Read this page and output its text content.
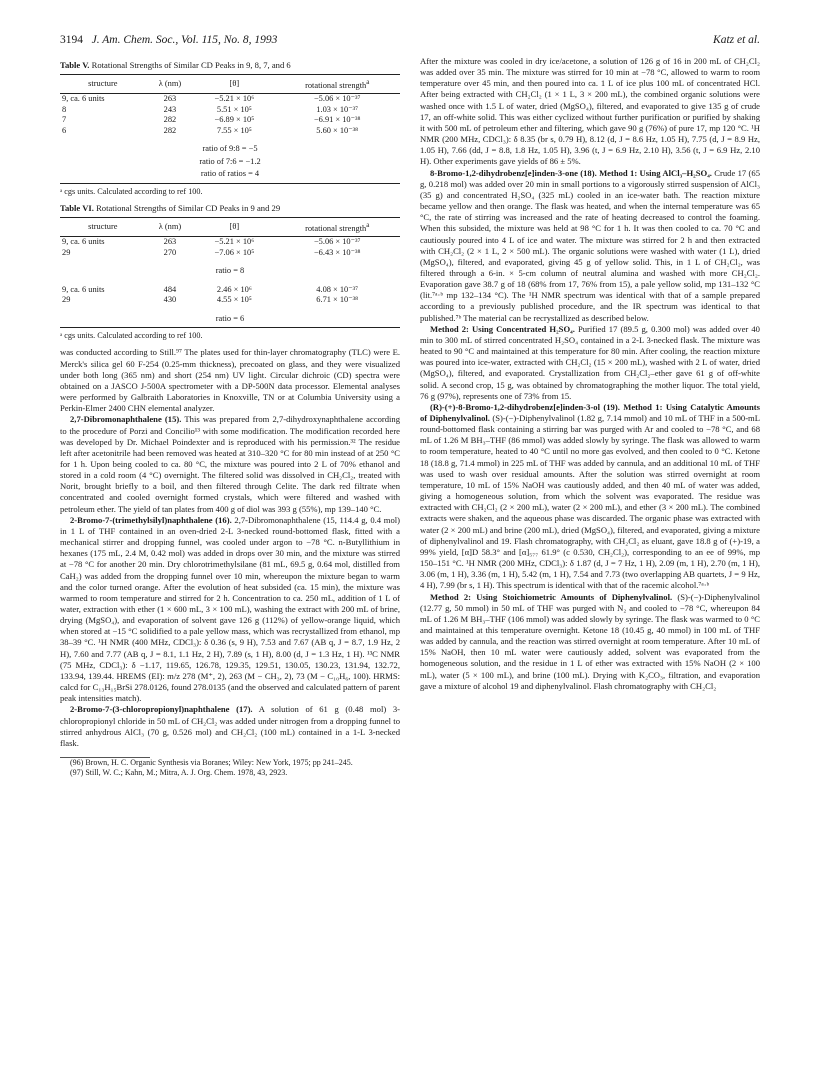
3194 J. Am. Chem. Soc., Vol. 115, No. 8, 1993	Katz et al.
Table V. Rotational Strengths of Similar CD Peaks in 9, 8, 7, and 6
structure	λ (nm)	[θ]	rotational strength$^a$
9, ca. 6 units	263	−5.21 × 10⁶	−5.06 × 10⁻³⁷
8	243	5.51 × 10⁵	1.03 × 10⁻³⁷
7	282	−6.89 × 10⁵	−6.91 × 10⁻³⁸
6	282	7.55 × 10⁵	5.60 × 10⁻³⁸

ratio of 9:8 = −5			
ratio of 7:6 = −1.2			
ratio of ratios = 4			
ᵃ cgs units. Calculated according to ref 100.
Table VI. Rotational Strengths of Similar CD Peaks in 9 and 29
structure	λ (nm)	[θ]	rotational strength$^a$
9, ca. 6 units	263	−5.21 × 10⁶	−5.06 × 10⁻³⁷
29	270	−7.06 × 10⁵	−6.43 × 10⁻³⁸

ratio = 8			

9, ca. 6 units	484	2.46 × 10⁶	4.08 × 10⁻³⁷
29	430	4.55 × 10⁵	6.71 × 10⁻³⁸

ratio = 6			
ᵃ cgs units. Calculated according to ref 100.

was conducted according to Still.⁹⁷ The plates used for thin-layer chromatography (TLC) were E. Merck's silica gel 60 F-254 (0.25-mm thickness), precoated on glass, and they were visualized under both long (365 nm) and short (254 nm) UV light. Circular dichroic (CD) spectra were obtained on a JASCO J-500A spectrometer with a DP-500N data processor. Elemental analyses were performed by Galbraith Laboratories in Knoxville, TN or at Columbia University using a Perkin-Elmer 2400 CHN elemental analyzer.

2,7-Dibromonaphthalene (15). This was prepared from 2,7-dihydroxynaphthalene according to the procedure of Porzi and Concilio¹³ with some modification. The modification recorded here was developed by Dr. Michael Poindexter and is reproduced with his permission.³² The residue left after acetonitrile had been removed was heated at 310–320 °C for 80 min instead of at 250 °C for 1 h. Upon being cooled to ca. 80 °C, the mixture was poured into 2 L of 70% ethanol and stored in a cold room (4 °C) overnight. The filtered solid was dissolved in CH₂Cl₂, treated with Norit, brought briefly to a boil, and then filtered through Celite. The dark red filtrate when concentrated and cooled overnight formed crystals, which were filtered and washed with petroleum ether. The yield of tan plates from 400 g of diol was 393 g (55%), mp 139–140 °C.

2-Bromo-7-(trimethylsilyl)naphthalene (16). 2,7-Dibromonaphthalene (15, 114.4 g, 0.4 mol) in 1 L of THF contained in an oven-dried 2-L 3-necked round-bottomed flask, fitted with a mechanical stirrer and dropping funnel, was cooled under argon to −78 °C. n-Butyllithium in hexanes (175 mL, 2.4 M, 0.42 mol) was added in drops over 30 min, and the mixture was stirred at −78 °C for another 20 min. Dry chlorotrimethylsilane (81 mL, 69.5 g, 0.64 mol, distilled from CaH₂) was added from the dropping funnel over 10 min, whereupon the mixture began to warm and the color turned orange. After the evolution of heat subsided (ca. 15 min), the mixture was warmed to room temperature and stirred for 2 h. Concentration to ca. 250 mL, addition of 1 L of water, extraction with ether (1 × 600 mL, 3 × 100 mL), washing the extract with 200 mL of brine, drying (MgSO₄), and evaporation of solvent gave 126 g (112%) of yellow-orange liquid, which when stored at −15 °C solidified to a pale yellow mass, which was recrystallized from ethanol, mp 38–39 °C. ¹H NMR (400 MHz, CDCl₃): δ 0.36 (s, 9 H), 7.53 and 7.67 (AB q, J = 8.7, 1.9 Hz, 2 H), 7.60 and 7.77 (AB q, J = 8.1, 1.1 Hz, 2 H), 7.89 (s, 1 H), 8.00 (d, J = 1.3 Hz, 1 H). ¹³C NMR (75 MHz, CDCl₃): δ −1.17, 119.65, 126.78, 129.35, 129.51, 130.05, 130.23, 131.94, 132.72, 133.94, 139.44. HREMS (EI): m/z 278 (M⁺, 2), 263 (M − CH₃, 2), 73 (M − C₁₀H₆, 100). HRMS: calcd for C₁₃H₁₅BrSi 278.0126, found 278.0135 (and the observed and calculated pattern of parent peak intensities match).

2-Bromo-7-(3-chloropropionyl)naphthalene (17). A solution of 61 g (0.48 mol) 3-chloropropionyl chloride in 50 mL of CH₂Cl₂ was added under nitrogen from a dropping funnel to stirred anhydrous AlCl₃ (70 g, 0.526 mol) and CH₂Cl₂ (100 mL) contained in a 1-L 3-necked flask.

(96) Brown, H. C. Organic Synthesis via Boranes; Wiley: New York, 1975; pp 241–245.

(97) Still, W. C.; Kahn, M.; Mitra, A. J. Org. Chem. 1978, 43, 2923.

After the mixture was cooled in dry ice/acetone, a solution of 126 g of 16 in 200 mL of CH₂Cl₂ was added over 35 min. The mixture was stirred for 10 min at −78 °C, allowed to warm to room temperature over 45 min, and then poured into ca. 1 L of ice plus 100 mL of concentrated HCl. After being extracted with CH₂Cl₂ (1 × 1 L, 3 × 200 mL), the combined organic solutions were washed once with 1.5 L of water, dried (MgSO₄), filtered, and evaporated to give 135 g of crude 17, an off-white solid. This was either cyclized without further purification or purified by shaking it with 500 mL of petroleum ether and filtering, which gave 90 g (76%) of pure 17, mp 120 °C. ¹H NMR (200 MHz, CDCl₃): δ 8.35 (br s, 0.79 H), 8.12 (d, J = 8.6 Hz, 1.05 H), 7.75 (d, J = 8.9 Hz, 1.05 H), 7.66 (dd, J = 8.8, 1.8 Hz, 1.05 H), 3.96 (t, J = 6.9 Hz, 2.10 H), 3.56 (t, J = 6.9 Hz, 2.10 H). Other experiments gave yields of 86 ± 5%.

8-Bromo-1,2-dihydrobenz[e]inden-3-one (18). Method 1: Using AlCl₃–H₂SO₄. Crude 17 (65 g, 0.218 mol) was added over 20 min in small portions to a vigorously stirred suspension of AlCl₃ (35 g) and concentrated H₂SO₄ (325 mL) cooled in an ice-water bath. The reaction mixture became yellow and then orange. The flask was heated, and when the internal temperature was 65 °C, the rate of stirring was increased and the rate of heating decreased to control the foaming. When this subsided, the mixture was held at 98 °C for 1 h. It was then cooled to ca. 70 °C and cautiously poured into 4 L of ice and water. The mixture was stirred for 2 h and then extracted with CH₂Cl₂ (2 × 1 L, 2 × 500 mL). The organic solutions were washed with water (1 L), dried (MgSO₄), filtered, and evaporated, giving 45 g of yellow solid. This, in 1 L of CH₂Cl₂, was filtered through a 6-in. × 5-cm column of neutral alumina and washed with more CH₂Cl₂. Evaporation gave 38.7 g of 18 (68% from 17, 76% from 15), a pale yellow solid, mp 131–132 °C (lit.⁷ᵃ·ᵇ mp 132–134 °C). The ¹H NMR spectrum was identical with that of a sample prepared according to a previously published procedure, and the IR spectrum was identical to that published.⁷ᵇ The material can be recrystallized as described below.

Method 2: Using Concentrated H₂SO₄. Purified 17 (89.5 g, 0.300 mol) was added over 40 min to 300 mL of stirred concentrated H₂SO₄ contained in a 2-L 3-necked flask. The mixture was heated to 90 °C and maintained at this temperature for 80 min. After cooling, the reaction mixture was poured into ice-water, extracted with CH₂Cl₂ (15 × 200 mL), washed with 2 L of water, dried (MgSO₄), filtered, and evaporated. Crystallization from CH₂Cl₂–ether gave 61 g of off-white solid. A second crop, 15 g, was obtained by chromatographing the mother liquor. The total yield, 76 g (97%), represents one of 73% from 15.

(R)-(+)-8-Bromo-1,2-dihydrobenz[e]inden-3-ol (19). Method 1: Using Catalytic Amounts of Diphenylvalinol. (S)-(−)-Diphenylvalinol (1.82 g, 7.14 mmol) and 10 mL of THF in a 500-mL round-bottomed flask containing a stirring bar was purged with Ar and cooled to −78 °C, and 68 mL of 1.26 M BH₃–THF (86 mmol) was added slowly by syringe. The flask was allowed to warm to room temperature, heated to 40 °C until no more gas evolved, and then cooled to 0 °C. Ketone 18 (18.8 g, 71.4 mmol) in 225 mL of THF was added by cannula, and an additional 10 mL of THF was used to wash over residual amounts. After the solution was stirred overnight at room temperature, 10 mL of 15% NaOH was cautiously added, and then 40 mL of water was added, giving a homogeneous solution, from which the solvent was evaporated. The residue was extracted with CH₂Cl₂ (2 × 200 mL), water (2 × 200 mL), and ether (3 × 200 mL). The combined extracts were shaken, and the aqueous phase was discarded. The organic phase was extracted with water (2 × 200 mL) and brine (200 mL), dried (MgSO₄), filtered, and evaporated, giving a mixture of diphenylvalinol and 19. Flash chromatography, with CH₂Cl₂ as eluant, gave 18.8 g of (+)-19, a 99% yield, [α]D 58.3° and [α]₅₇₇ 61.9° (c 0.530, CH₂Cl₂), corresponding to an ee of 99%, mp 150–151 °C. ¹H NMR (200 MHz, CDCl₃): δ 1.87 (d, J = 7 Hz, 1 H), 2.09 (m, 1 H), 2.70 (m, 1 H), 3.06 (m, 1 H), 3.36 (m, 1 H), 5.42 (m, 1 H), 7.54 and 7.73 (two overlapping AB quartets, J = 9 Hz, 4 H), 7.99 (br s, 1 H). This spectrum is identical with that of the racemic alcohol.⁷ᵃ·ᵇ

Method 2: Using Stoichiometric Amounts of Diphenylvalinol. (S)-(−)-Diphenylvalinol (12.77 g, 50 mmol) in 50 mL of THF was purged with N₂ and cooled to −78 °C, whereupon 84 mL of 1.26 M BH₃–THF (106 mmol) was added slowly by syringe. The flask was warmed to 0 °C and maintained at this temperature overnight. Ketone 18 (10.45 g, 40 mmol) in 100 mL of THF was added by cannula, and the reaction was stirred overnight at room temperature. After 10 mL of 15% NaOH, then 10 mL water were cautiously added, solvent was evaporated from the homogeneous solution, and the residue in 1 L of ether was extracted with 15% NaOH (2 × 100 mL), water (5 × 100 mL), and brine (100 mL). Drying with K₂CO₃, filtration, and evaporation gave a mixture of alcohol 19 and diphenylvalinol. Flash chromatography with CH₂Cl₂
